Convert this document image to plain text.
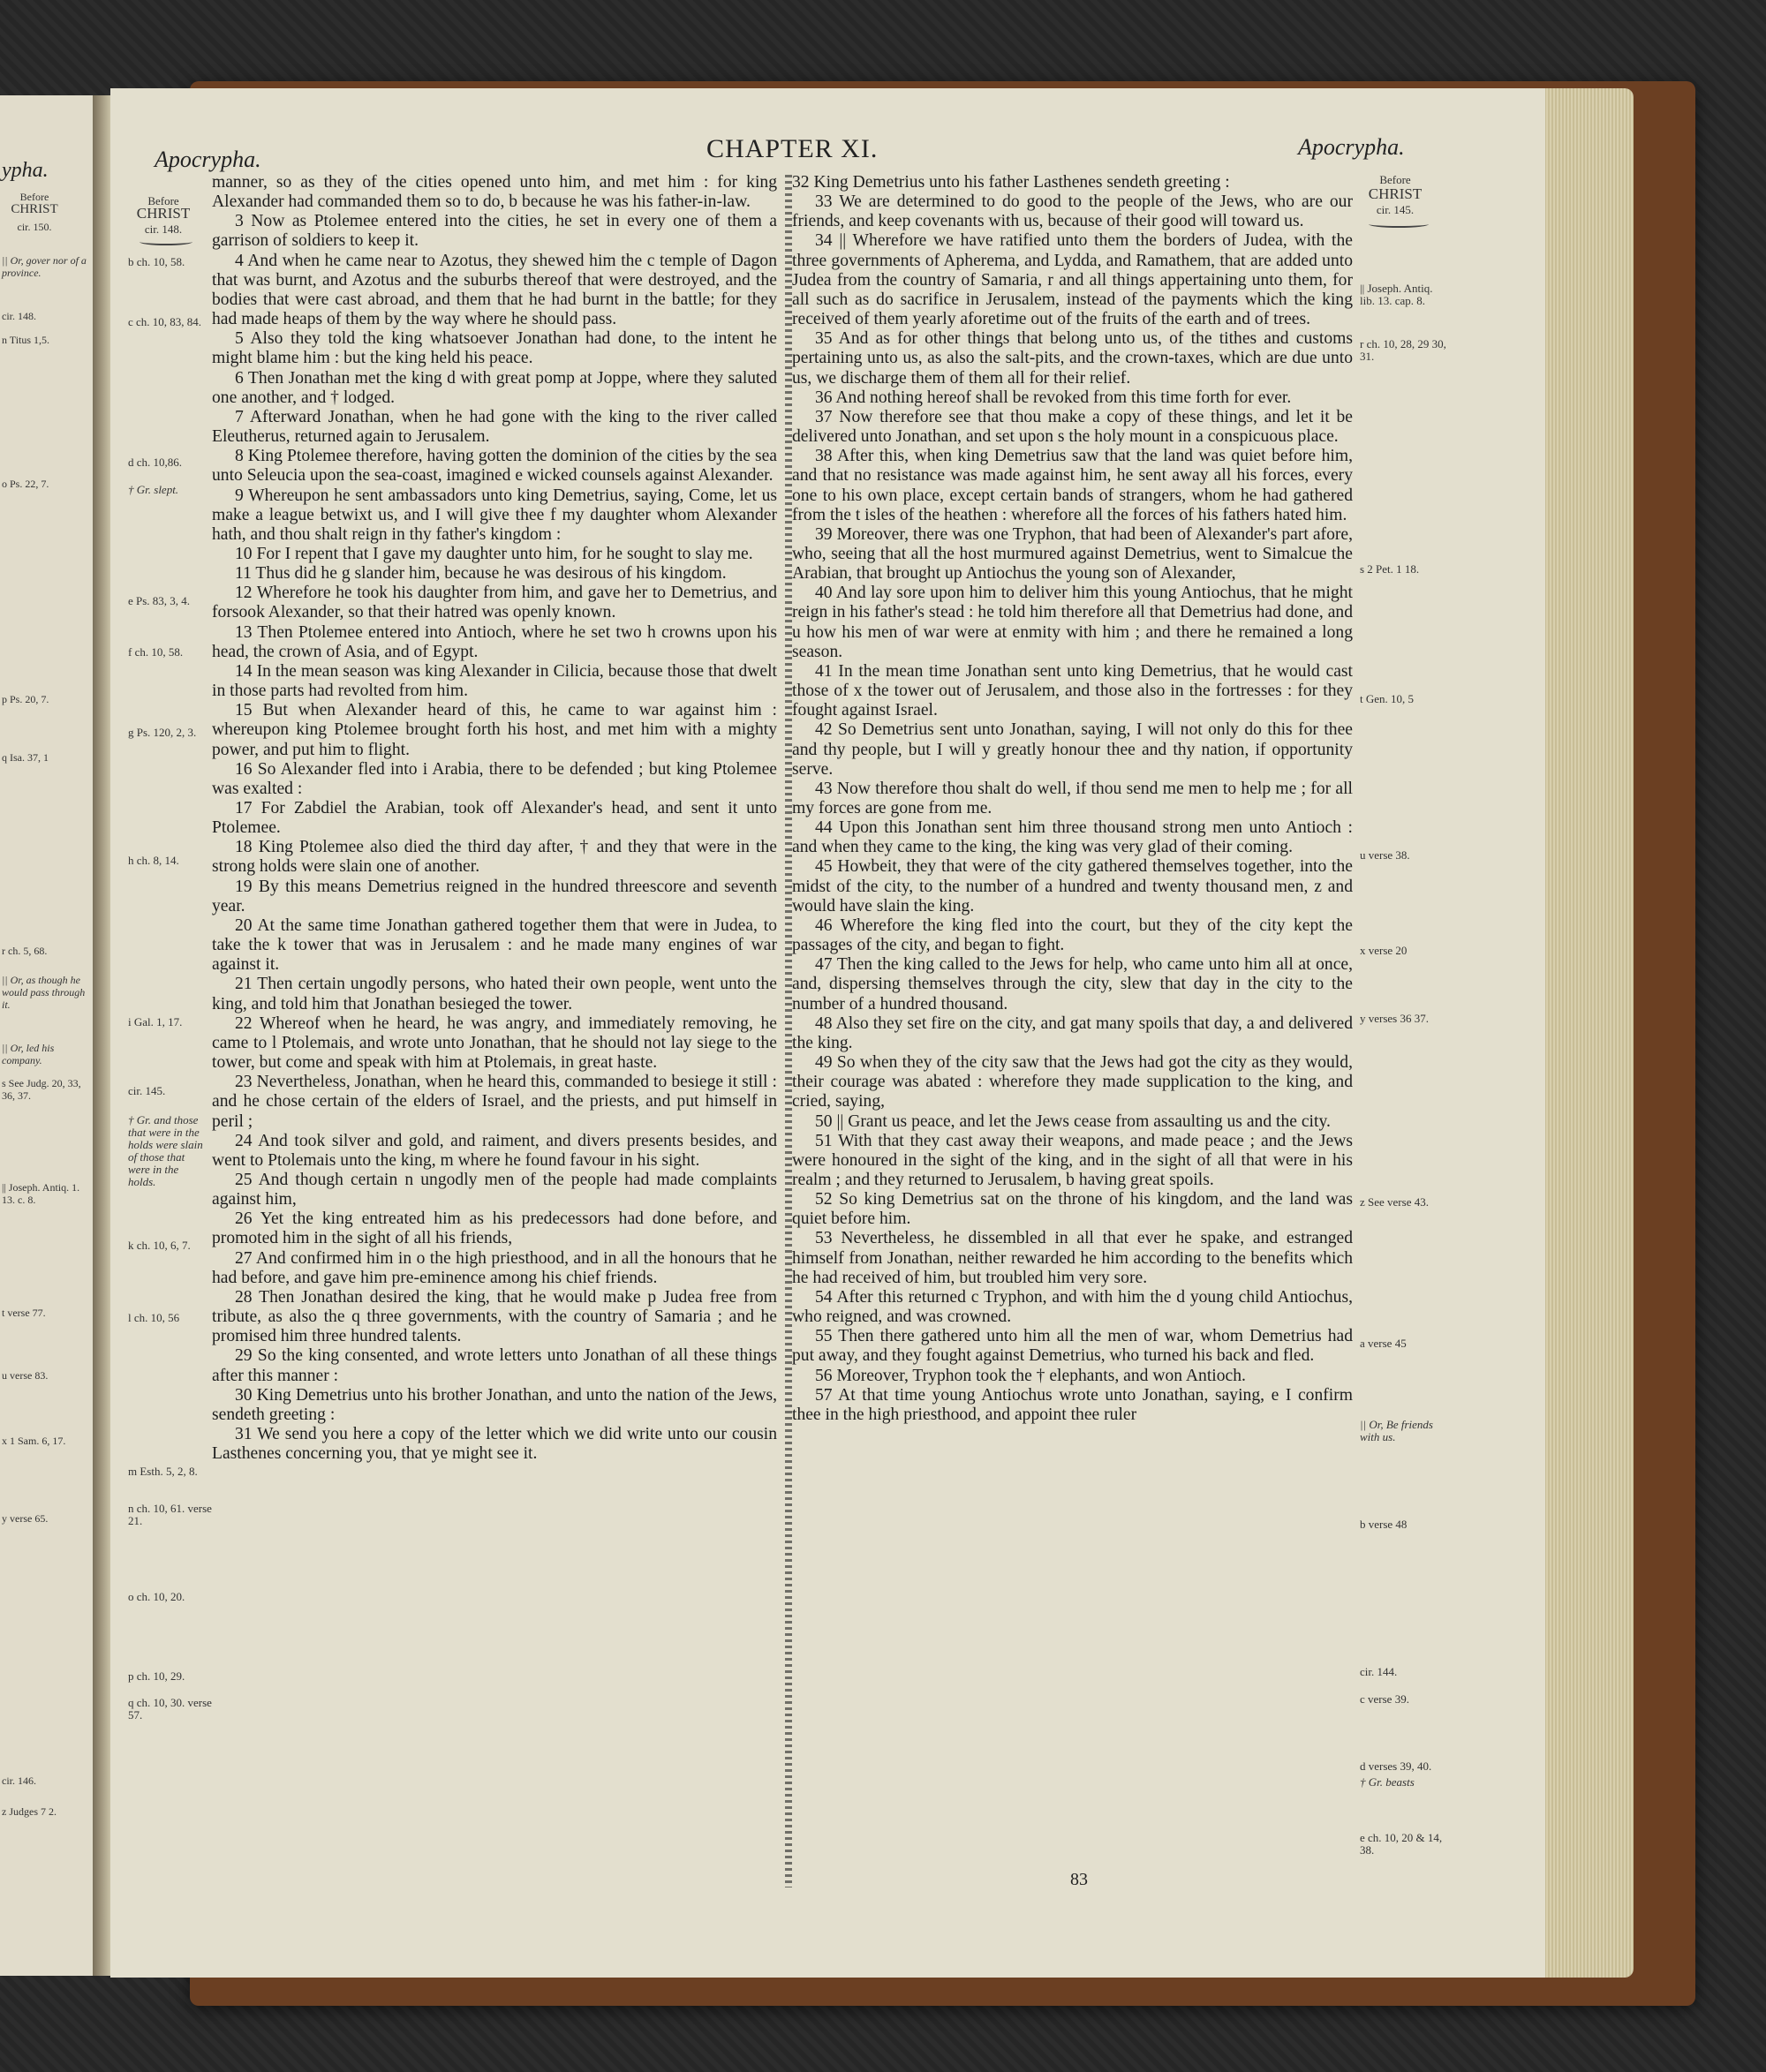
ypha.
Before
CHRIST
cir. 150.
|| Or, gover nor of a province.
cir. 148.
n Titus 1,5.
o Ps. 22, 7.
p Ps. 20, 7.
q Isa. 37, 1
r ch. 5, 68.
|| Or, as though he would pass through it.
|| Or, led his company.
s See Judg. 20, 33, 36, 37.
|| Joseph. Antiq. 1. 13. c. 8.
t verse 77.
u verse 83.
x 1 Sam. 6, 17.
y verse 65.
cir. 146.
z Judges 7 2.
Apocrypha.	CHAPTER XI.	Apocrypha.
Before
CHRIST
cir. 148.
b ch. 10, 58.
c ch. 10, 83, 84.
d ch. 10,86.
† Gr. slept.
e Ps. 83, 3, 4.
f ch. 10, 58.
g Ps. 120, 2, 3.
h ch. 8, 14.
i Gal. 1, 17.
cir. 145.
† Gr. and those that were in the holds were slain of those that were in the holds.
k ch. 10, 6, 7.
l ch. 10, 56
m Esth. 5, 2, 8.
n ch. 10, 61. verse 21.
o ch. 10, 20.
p ch. 10, 29.
q ch. 10, 30. verse 57.

manner, so as they of the cities opened unto him, and met him : for king Alexander had commanded them so to do, b because he was his father-in-law.

3 Now as Ptolemee entered into the cities, he set in every one of them a garrison of soldiers to keep it.

4 And when he came near to Azotus, they shewed him the c temple of Dagon that was burnt, and Azotus and the suburbs thereof that were destroyed, and the bodies that were cast abroad, and them that he had burnt in the battle; for they had made heaps of them by the way where he should pass.

5 Also they told the king whatsoever Jonathan had done, to the intent he might blame him : but the king held his peace.

6 Then Jonathan met the king d with great pomp at Joppe, where they saluted one another, and † lodged.

7 Afterward Jonathan, when he had gone with the king to the river called Eleutherus, returned again to Jerusalem.

8 King Ptolemee therefore, having gotten the dominion of the cities by the sea unto Seleucia upon the sea-coast, imagined e wicked counsels against Alexander.

9 Whereupon he sent ambassadors unto king Demetrius, saying, Come, let us make a league betwixt us, and I will give thee f my daughter whom Alexander hath, and thou shalt reign in thy father's kingdom :

10 For I repent that I gave my daughter unto him, for he sought to slay me.

11 Thus did he g slander him, because he was desirous of his kingdom.

12 Wherefore he took his daughter from him, and gave her to Demetrius, and forsook Alexander, so that their hatred was openly known.

13 Then Ptolemee entered into Antioch, where he set two h crowns upon his head, the crown of Asia, and of Egypt.

14 In the mean season was king Alexander in Cilicia, because those that dwelt in those parts had revolted from him.

15 But when Alexander heard of this, he came to war against him : whereupon king Ptolemee brought forth his host, and met him with a mighty power, and put him to flight.

16 So Alexander fled into i Arabia, there to be defended ; but king Ptolemee was exalted :

17 For Zabdiel the Arabian, took off Alexander's head, and sent it unto Ptolemee.

18 King Ptolemee also died the third day after, † and they that were in the strong holds were slain one of another.

19 By this means Demetrius reigned in the hundred threescore and seventh year.

20 At the same time Jonathan gathered together them that were in Judea, to take the k tower that was in Jerusalem : and he made many engines of war against it.

21 Then certain ungodly persons, who hated their own people, went unto the king, and told him that Jonathan besieged the tower.

22 Whereof when he heard, he was angry, and immediately removing, he came to l Ptolemais, and wrote unto Jonathan, that he should not lay siege to the tower, but come and speak with him at Ptolemais, in great haste.

23 Nevertheless, Jonathan, when he heard this, commanded to besiege it still : and he chose certain of the elders of Israel, and the priests, and put himself in peril ;

24 And took silver and gold, and raiment, and divers presents besides, and went to Ptolemais unto the king, m where he found favour in his sight.

25 And though certain n ungodly men of the people had made complaints against him,

26 Yet the king entreated him as his predecessors had done before, and promoted him in the sight of all his friends,

27 And confirmed him in o the high priesthood, and in all the honours that he had before, and gave him pre-eminence among his chief friends.

28 Then Jonathan desired the king, that he would make p Judea free from tribute, as also the q three governments, with the country of Samaria ; and he promised him three hundred talents.

29 So the king consented, and wrote letters unto Jonathan of all these things after this manner :

30 King Demetrius unto his brother Jonathan, and unto the nation of the Jews, sendeth greeting :

31 We send you here a copy of the letter which we did write unto our cousin Lasthenes concerning you, that ye might see it.

32 King Demetrius unto his father Lasthenes sendeth greeting :

33 We are determined to do good to the people of the Jews, who are our friends, and keep covenants with us, because of their good will toward us.

34 || Wherefore we have ratified unto them the borders of Judea, with the three governments of Apherema, and Lydda, and Ramathem, that are added unto Judea from the country of Samaria, r and all things appertaining unto them, for all such as do sacrifice in Jerusalem, instead of the payments which the king received of them yearly aforetime out of the fruits of the earth and of trees.

35 And as for other things that belong unto us, of the tithes and customs pertaining unto us, as also the salt-pits, and the crown-taxes, which are due unto us, we discharge them of them all for their relief.

36 And nothing hereof shall be revoked from this time forth for ever.

37 Now therefore see that thou make a copy of these things, and let it be delivered unto Jonathan, and set upon s the holy mount in a conspicuous place.

38 After this, when king Demetrius saw that the land was quiet before him, and that no resistance was made against him, he sent away all his forces, every one to his own place, except certain bands of strangers, whom he had gathered from the t isles of the heathen : wherefore all the forces of his fathers hated him.

39 Moreover, there was one Tryphon, that had been of Alexander's part afore, who, seeing that all the host murmured against Demetrius, went to Simalcue the Arabian, that brought up Antiochus the young son of Alexander,

40 And lay sore upon him to deliver him this young Antiochus, that he might reign in his father's stead : he told him therefore all that Demetrius had done, and u how his men of war were at enmity with him ; and there he remained a long season.

41 In the mean time Jonathan sent unto king Demetrius, that he would cast those of x the tower out of Jerusalem, and those also in the fortresses : for they fought against Israel.

42 So Demetrius sent unto Jonathan, saying, I will not only do this for thee and thy people, but I will y greatly honour thee and thy nation, if opportunity serve.

43 Now therefore thou shalt do well, if thou send me men to help me ; for all my forces are gone from me.

44 Upon this Jonathan sent him three thousand strong men unto Antioch : and when they came to the king, the king was very glad of their coming.

45 Howbeit, they that were of the city gathered themselves together, into the midst of the city, to the number of a hundred and twenty thousand men, z and would have slain the king.

46 Wherefore the king fled into the court, but they of the city kept the passages of the city, and began to fight.

47 Then the king called to the Jews for help, who came unto him all at once, and, dispersing themselves through the city, slew that day in the city to the number of a hundred thousand.

48 Also they set fire on the city, and gat many spoils that day, a and delivered the king.

49 So when they of the city saw that the Jews had got the city as they would, their courage was abated : wherefore they made supplication to the king, and cried, saying,

50 || Grant us peace, and let the Jews cease from assaulting us and the city.

51 With that they cast away their weapons, and made peace ; and the Jews were honoured in the sight of the king, and in the sight of all that were in his realm ; and they returned to Jerusalem, b having great spoils.

52 So king Demetrius sat on the throne of his kingdom, and the land was quiet before him.

53 Nevertheless, he dissembled in all that ever he spake, and estranged himself from Jonathan, neither rewarded he him according to the benefits which he had received of him, but troubled him very sore.

54 After this returned c Tryphon, and with him the d young child Antiochus, who reigned, and was crowned.

55 Then there gathered unto him all the men of war, whom Demetrius had put away, and they fought against Demetrius, who turned his back and fled.

56 Moreover, Tryphon took the † elephants, and won Antioch.

57 At that time young Antiochus wrote unto Jonathan, saying, e I confirm thee in the high priesthood, and appoint thee ruler

Before
CHRIST
cir. 145.
|| Joseph. Antiq. lib. 13. cap. 8.
r ch. 10, 28, 29 30, 31.
s 2 Pet. 1 18.
t Gen. 10, 5
u verse 38.
x verse 20
y verses 36 37.
z See verse 43.
a verse 45
|| Or, Be friends with us.
b verse 48
cir. 144.
c verse 39.
d verses 39, 40.
† Gr. beasts
e ch. 10, 20 & 14, 38.
83
